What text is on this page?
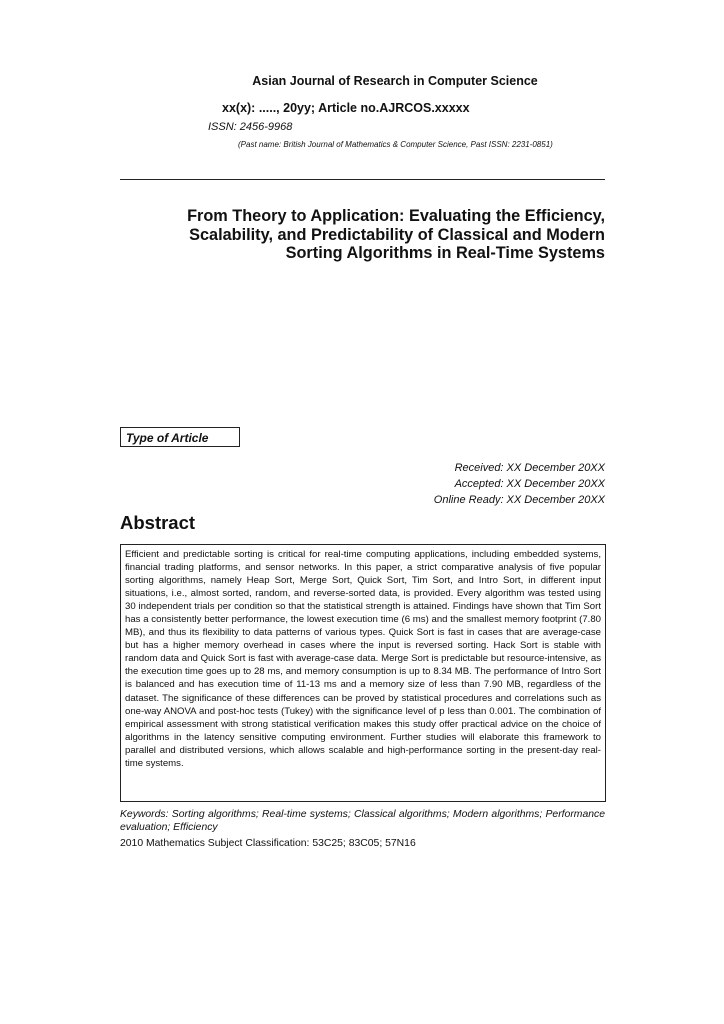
Asian Journal of Research in Computer Science
xx(x): ....., 20yy; Article no.AJRCOS.xxxxx
ISSN: 2456-9968
(Past name: British Journal of Mathematics & Computer Science, Past ISSN: 2231-0851)
From Theory to Application: Evaluating the Efficiency,
Scalability, and Predictability of Classical and Modern
Sorting Algorithms in Real-Time Systems
Type of Article
Received: XX December 20XX
Accepted: XX December 20XX
Online Ready: XX December 20XX
Abstract

Efficient and predictable sorting is critical for real-time computing applications, including embedded systems, financial trading platforms, and sensor networks. In this paper, a strict comparative analysis of five popular sorting algorithms, namely Heap Sort, Merge Sort, Quick Sort, Tim Sort, and Intro Sort, in different input situations, i.e., almost sorted, random, and reverse-sorted data, is provided. Every algorithm was tested using 30 independent trials per condition so that the statistical strength is attained. Findings have shown that Tim Sort has a consistently better performance, the lowest execution time (6 ms) and the smallest memory footprint (7.80 MB), and thus its flexibility to data patterns of various types. Quick Sort is fast in cases that are average-case but has a higher memory overhead in cases where the input is reversed sorting. Hack Sort is stable with random data and Quick Sort is fast with average-case data. Merge Sort is predictable but resource-intensive, as the execution time goes up to 28 ms, and memory consumption is up to 8.34 MB. The performance of Intro Sort is balanced and has execution time of 11-13 ms and a memory size of less than 7.90 MB, regardless of the dataset. The significance of these differences can be proved by statistical procedures and correlations such as one-way ANOVA and post-hoc tests (Tukey) with the significance level of p less than 0.001. The combination of empirical assessment with strong statistical verification makes this study offer practical advice on the choice of algorithms in the latency sensitive computing environment. Further studies will elaborate this framework to parallel and distributed versions, which allows scalable and high-performance sorting in the present-day real-time systems.

Keywords: Sorting algorithms; Real-time systems; Classical algorithms; Modern algorithms; Performance evaluation; Efficiency
2010 Mathematics Subject Classification: 53C25; 83C05; 57N16
